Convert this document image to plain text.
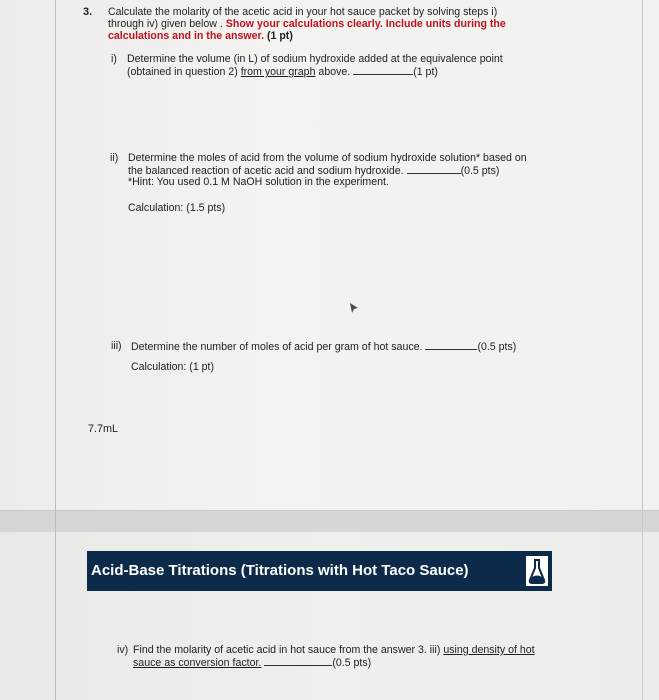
3. Calculate the molarity of the acetic acid in your hot sauce packet by solving steps i)
through iv) given below . Show your calculations clearly. Include units during the
calculations and in the answer. (1 pt)
i) Determine the volume (in L) of sodium hydroxide added at the equivalence point
(obtained in question 2) from your graph above.	(1 pt)
ii) Determine the moles of acid from the volume of sodium hydroxide solution* based on
the balanced reaction of acetic acid and sodium hydroxide.	(0.5 pts)
*Hint: You used 0.1 M NaOH solution in the experiment.
Calculation: (1.5 pts)
iii) Determine the number of moles of acid per gram of hot sauce.	(0.5 pts)
Calculation: (1 pt)
7.7mL
Acid-Base Titrations (Titrations with Hot Taco Sauce)
iv) Find the molarity of acetic acid in hot sauce from the answer 3. iii) using density of hot
sauce as conversion factor.	(0.5 pts)
